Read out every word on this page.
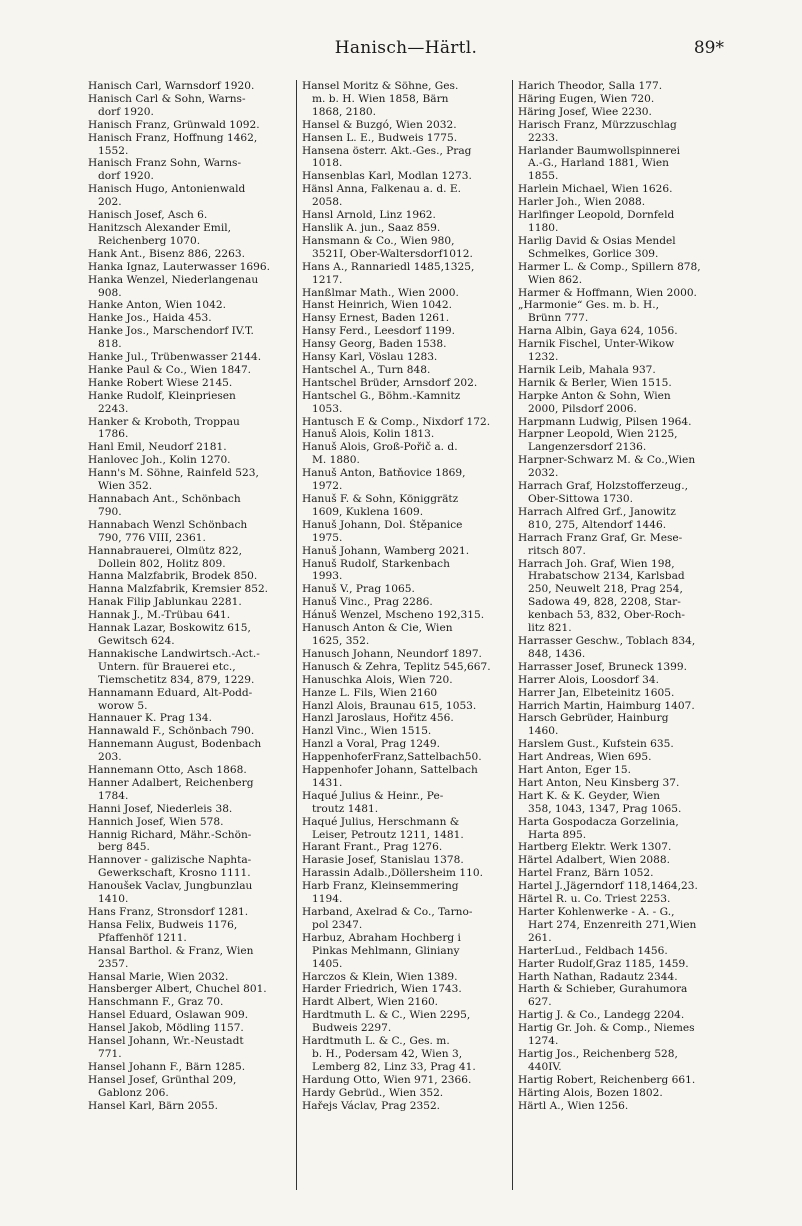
Hanisch—Härtl.	89*

Hanisch Carl, Warnsdorf 1920.

Hanisch Carl & Sohn, Warns-
dorf 1920.

Hanisch Franz, Grünwald 1092.

Hanisch Franz, Hoffnung 1462,
1552.

Hanisch Franz Sohn, Warns-
dorf 1920.

Hanisch Hugo, Antonienwald
202.

Hanisch Josef, Asch 6.

Hanitzsch Alexander Emil,
Reichenberg 1070.

Hank Ant., Bisenz 886, 2263.

Hanka Ignaz, Lauterwasser 1696.

Hanka Wenzel, Niederlangenau
908.

Hanke Anton, Wien 1042.

Hanke Jos., Haida 453.

Hanke Jos., Marschendorf IV.T.
818.

Hanke Jul., Trübenwasser 2144.

Hanke Paul & Co., Wien 1847.

Hanke Robert Wiese 2145.

Hanke Rudolf, Kleinpriesen
2243.

Hanker & Kroboth, Troppau
1786.

Hanl Emil, Neudorf 2181.

Hanlovec Joh., Kolin 1270.

Hann's M. Söhne, Rainfeld 523,
Wien 352.

Hannabach Ant., Schönbach
790.

Hannabach Wenzl Schönbach
790, 776 VIII, 2361.

Hannabrauerei, Olmütz 822,
Dollein 802, Holitz 809.

Hanna Malzfabrik, Brodek 850.

Hanna Malzfabrik, Kremsier 852.

Hanak Filip Jablunkau 2281.

Hannak J., M.-Trübau 641.

Hannak Lazar, Boskowitz 615,
Gewitsch 624.

Hannakische Landwirtsch.-Act.-
Untern. für Brauerei etc.,
Tiemschetitz 834, 879, 1229.

Hannamann Eduard, Alt-Podd-
worow 5.

Hannauer K. Prag 134.

Hannawald F., Schönbach 790.

Hannemann August, Bodenbach
203.

Hannemann Otto, Asch 1868.

Hanner Adalbert, Reichenberg
1784.

Hanni Josef, Niederleis 38.

Hannich Josef, Wien 578.

Hannig Richard, Mähr.-Schön-
berg 845.

Hannover - galizische Naphta-
Gewerkschaft, Krosno 1111.

Hanoušek Vaclav, Jungbunzlau
1410.

Hans Franz, Stronsdorf 1281.

Hansa Felix, Budweis 1176,
Pfaffenhöf 1211.

Hansal Barthol. & Franz, Wien
2357.

Hansal Marie, Wien 2032.

Hansberger Albert, Chuchel 801.

Hanschmann F., Graz 70.

Hansel Eduard, Oslawan 909.

Hansel Jakob, Mödling 1157.

Hansel Johann, Wr.-Neustadt
771.

Hansel Johann F., Bärn 1285.

Hansel Josef, Grünthal 209,
Gablonz 206.

Hansel Karl, Bärn 2055.

Hansel Moritz & Söhne, Ges.
m. b. H. Wien 1858, Bärn
1868, 2180.

Hansel & Buzgó, Wien 2032.

Hansen L. E., Budweis 1775.

Hansena österr. Akt.-Ges., Prag
1018.

Hansenblas Karl, Modlan 1273.

Hänsl Anna, Falkenau a. d. E.
2058.

Hansl Arnold, Linz 1962.

Hanslik A. jun., Saaz 859.

Hansmann & Co., Wien 980,
3521I, Ober-Waltersdorf1012.

Hans A., Rannariedl 1485,1325,
1217.

Hanßlmar Math., Wien 2000.

Hanst Heinrich, Wien 1042.

Hansy Ernest, Baden 1261.

Hansy Ferd., Leesdorf 1199.

Hansy Georg, Baden 1538.

Hansy Karl, Vöslau 1283.

Hantschel A., Turn 848.

Hantschel Brüder, Arnsdorf 202.

Hantschel G., Böhm.-Kamnitz
1053.

Hantusch E & Comp., Nixdorf 172.

Hanuš Alois, Kolin 1813.

Hanuš Alois, Groß-Pořič a. d.
M. 1880.

Hanuš Anton, Batňovice 1869,
1972.

Hanuš F. & Sohn, Königgrätz
1609, Kuklena 1609.

Hanuš Johann, Dol. Štěpanice
1975.

Hanuš Johann, Wamberg 2021.

Hanuš Rudolf, Starkenbach
1993.

Hanuš V., Prag 1065.

Hanuš Vinc., Prag 2286.

Hánuš Wenzel, Mscheno 192,315.

Hanusch Anton & Cie, Wien
1625, 352.

Hanusch Johann, Neundorf 1897.

Hanusch & Zehra, Teplitz 545,667.

Hanuschka Alois, Wien 720.

Hanze L. Fils, Wien 2160

Hanzl Alois, Braunau 615, 1053.

Hanzl Jaroslaus, Hořitz 456.

Hanzl Vinc., Wien 1515.

Hanzl a Voral, Prag 1249.

HappenhoferFranz,Sattelbach50.

Happenhofer Johann, Sattelbach
1431.

Haqué Julius & Heinr., Pe-
troutz 1481.

Haqué Julius, Herschmann &
Leiser, Petroutz 1211, 1481.

Harant Frant., Prag 1276.

Harasie Josef, Stanislau 1378.

Harassin Adalb.,Döllersheim 110.

Harb Franz, Kleinsemmering
1194.

Harband, Axelrad & Co., Tarno-
pol 2347.

Harbuz, Abraham Hochberg i
Pinkas Mehlmann, Gliniany
1405.

Harczos & Klein, Wien 1389.

Harder Friedrich, Wien 1743.

Hardt Albert, Wien 2160.

Hardtmuth L. & C., Wien 2295,
Budweis 2297.

Hardtmuth L. & C., Ges. m.
b. H., Podersam 42, Wien 3,
Lemberg 82, Linz 33, Prag 41.

Hardung Otto, Wien 971, 2366.

Hardy Gebrüd., Wien 352.

Hařejs Václav, Prag 2352.

Harich Theodor, Salla 177.

Häring Eugen, Wien 720.

Häring Josef, Wiee 2230.

Harisch Franz, Mürzzuschlag
2233.

Harlander Baumwollspinnerei
A.-G., Harland 1881, Wien
1855.

Harlein Michael, Wien 1626.

Harler Joh., Wien 2088.

Harlfinger Leopold, Dornfeld
1180.

Harlig David & Osias Mendel
Schmelkes, Gorlice 309.

Harmer L. & Comp., Spillern 878,
Wien 862.

Harmer & Hoffmann, Wien 2000.

„Harmonie“ Ges. m. b. H.,
Brünn 777.

Harna Albin, Gaya 624, 1056.

Harnik Fischel, Unter-Wikow
1232.

Harnik Leib, Mahala 937.

Harnik & Berler, Wien 1515.

Harpke Anton & Sohn, Wien
2000, Pilsdorf 2006.

Harpmann Ludwig, Pilsen 1964.

Harpner Leopold, Wien 2125,
Langenzersdorf 2136.

Harpner-Schwarz M. & Co.,Wien
2032.

Harrach Graf, Holzstofferzeug.,
Ober-Sittowa 1730.

Harrach Alfred Grf., Janowitz
810, 275, Altendorf 1446.

Harrach Franz Graf, Gr. Mese-
ritsch 807.

Harrach Joh. Graf, Wien 198,
Hrabatschow 2134, Karlsbad
250, Neuwelt 218, Prag 254,
Sadowa 49, 828, 2208, Star-
kenbach 53, 832, Ober-Roch-
litz 821.

Harrasser Geschw., Toblach 834,
848, 1436.

Harrasser Josef, Bruneck 1399.

Harrer Alois, Loosdorf 34.

Harrer Jan, Elbeteinitz 1605.

Harrich Martin, Haimburg 1407.

Harsch Gebrüder, Hainburg
1460.

Harslem Gust., Kufstein 635.

Hart Andreas, Wien 695.

Hart Anton, Eger 15.

Hart Anton, Neu Kinsberg 37.

Hart K. & K. Geyder, Wien
358, 1043, 1347, Prag 1065.

Harta Gospodacza Gorzelinia,
Harta 895.

Hartberg Elektr. Werk 1307.

Härtel Adalbert, Wien 2088.

Hartel Franz, Bärn 1052.

Hartel J.,Jägerndorf 118,1464,23.

Härtel R. u. Co. Triest 2253.

Harter Kohlenwerke - A. - G.,
Hart 274, Enzenreith 271,Wien
261.

HarterLud., Feldbach 1456.

Harter Rudolf,Graz 1185, 1459.

Harth Nathan, Radautz 2344.

Harth & Schieber, Gurahumora
627.

Hartig J. & Co., Landegg 2204.

Hartig Gr. Joh. & Comp., Niemes
1274.

Hartig Jos., Reichenberg 528,
440IV.

Hartig Robert, Reichenberg 661.

Härting Alois, Bozen 1802.

Härtl A., Wien 1256.
